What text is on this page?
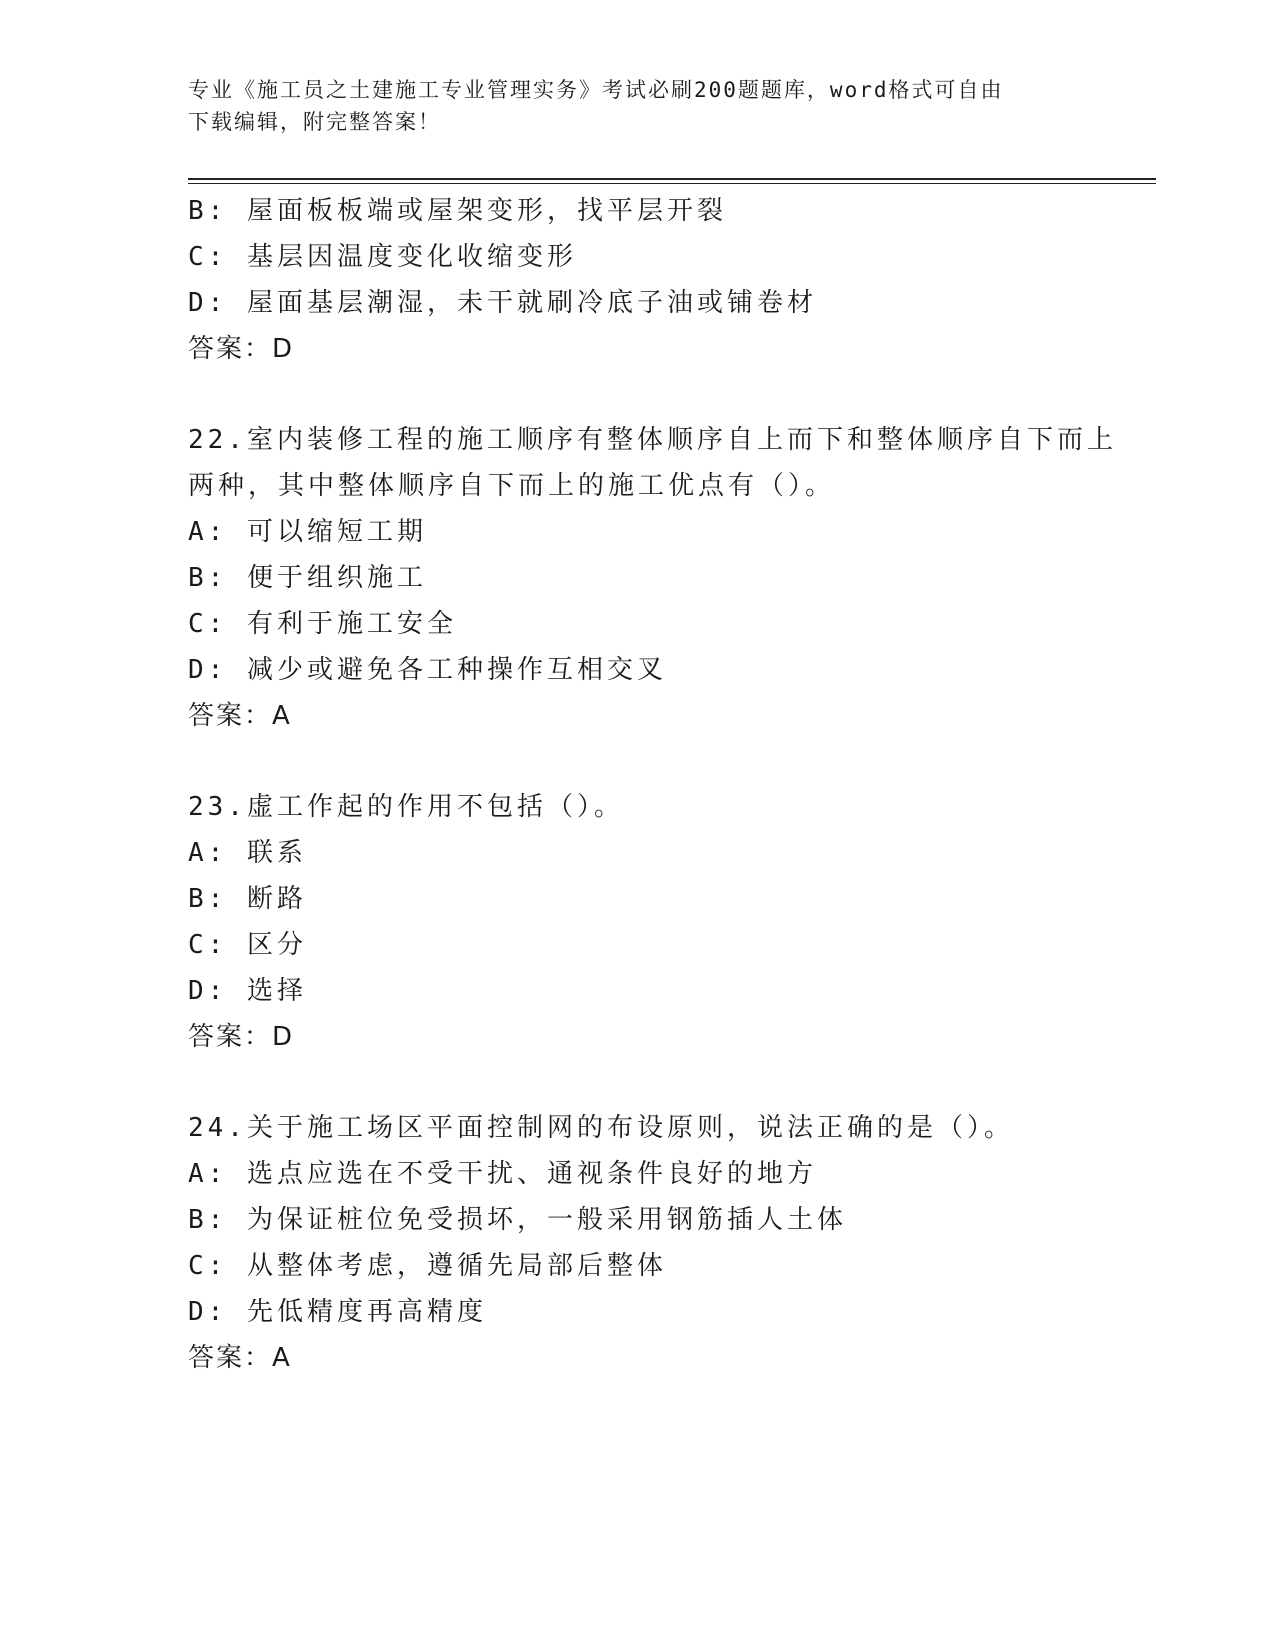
专业《施工员之土建施工专业管理实务》考试必刷200题题库，word格式可自由
下载编辑，附完整答案！
B: 屋面板板端或屋架变形，找平层开裂
C: 基层因温度变化收缩变形
D: 屋面基层潮湿，未干就刷冷底子油或铺卷材
答案：D
22.室内装修工程的施工顺序有整体顺序自上而下和整体顺序自下而上
两种，其中整体顺序自下而上的施工优点有（）。
A: 可以缩短工期
B: 便于组织施工
C: 有利于施工安全
D: 减少或避免各工种操作互相交叉
答案：A
23.虚工作起的作用不包括（）。
A: 联系
B: 断路
C: 区分
D: 选择
答案：D
24.关于施工场区平面控制网的布设原则，说法正确的是（）。
A: 选点应选在不受干扰、通视条件良好的地方
B: 为保证桩位免受损坏，一般采用钢筋插人土体
C: 从整体考虑，遵循先局部后整体
D: 先低精度再高精度
答案：A
